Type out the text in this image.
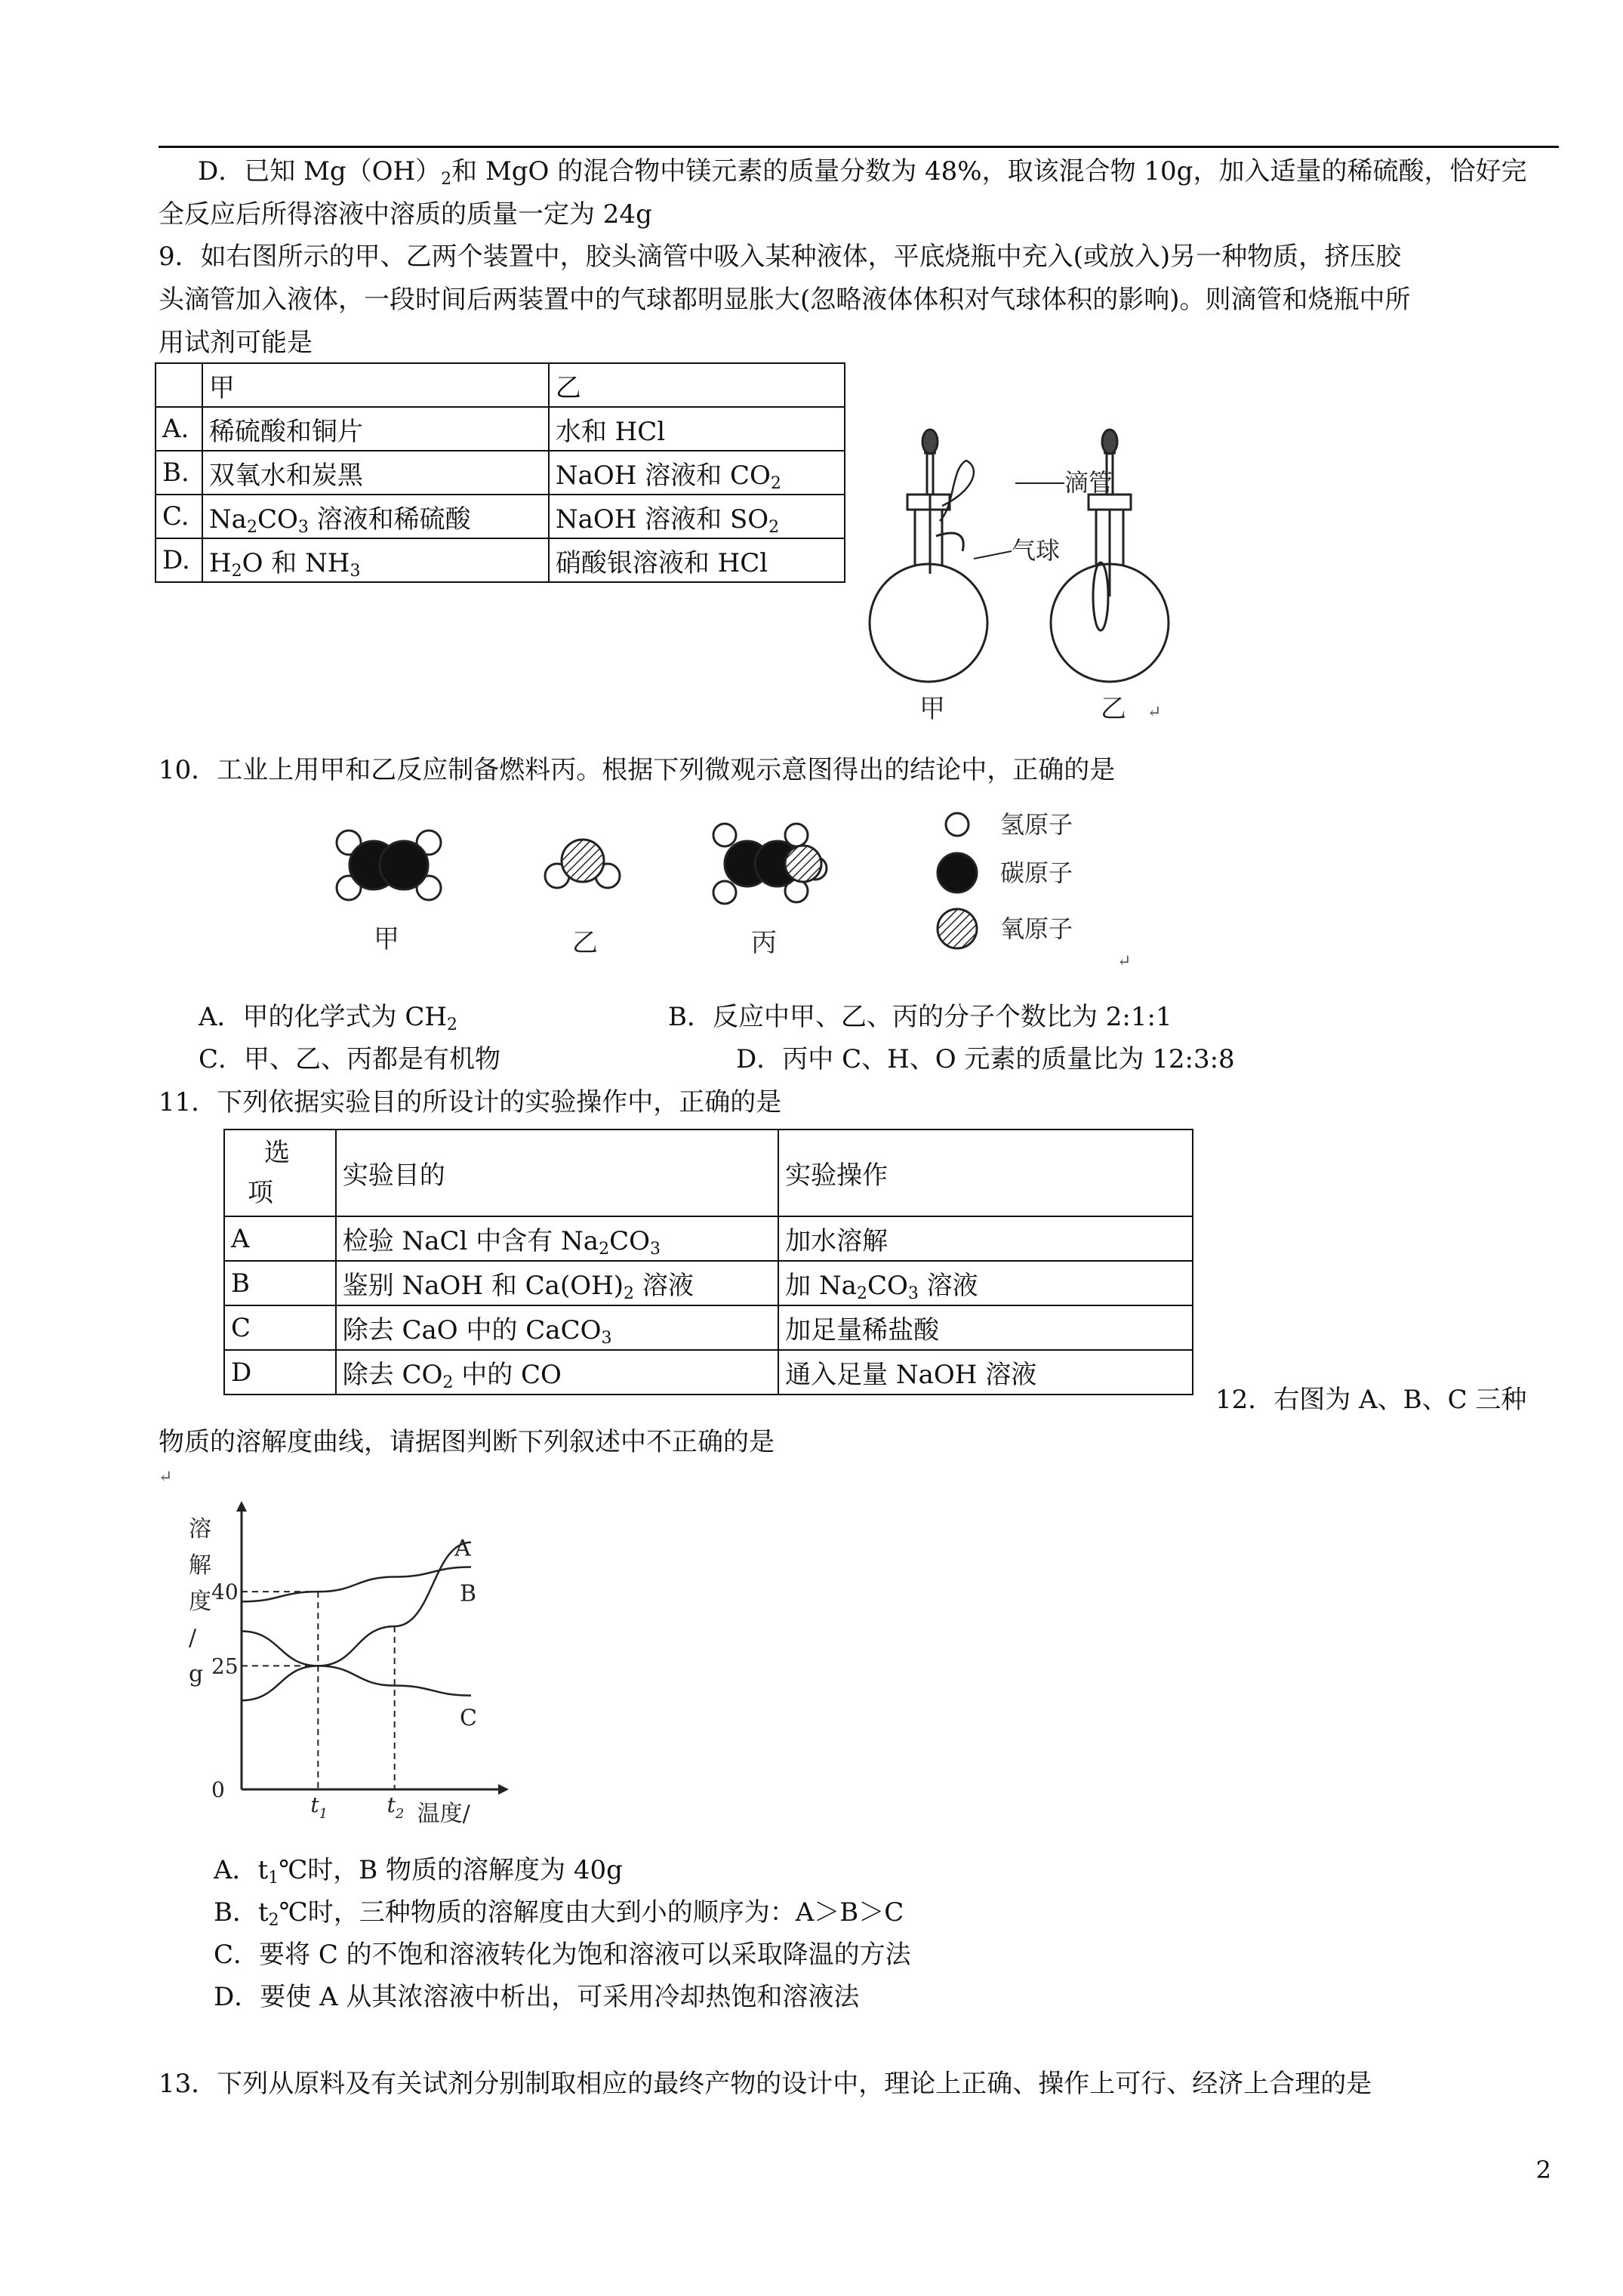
D．已知 $Mg(OH)_2$和 MgO 的混合物中镁元素的质量分数为 48%，取该混合物 10g，加入适量的稀硫酸，恰好完
全反应后所得溶液中溶质的质量一定为 24g
9．如右图所示的甲、乙两个装置中，胶头滴管中吸入某种液体，平底烧瓶中充入(或放入)另一种物质，挤压胶
头滴管加入液体，一段时间后两装置中的气球都明显胀大(忽略液体体积对气球体积的影响)。则滴管和烧瓶中所
用试剂可能是
	甲	乙
A.	稀硫酸和铜片	水和 HCl
B.	双氧水和炭黑	NaOH 溶液和 $CO_2$
C.	$Na_2CO_3$ 溶液和稀硫酸	NaOH 溶液和 $SO_2$
D.	$H_2O$ 和 $NH_3$	硝酸银溶液和 HCl
滴管
气球
甲	乙 ↵
10．工业上用甲和乙反应制备燃料丙。根据下列微观示意图得出的结论中，正确的是
甲	乙	丙
氢原子
碳原子
氧原子
↵
A．甲的化学式为 $CH_2$	B．反应中甲、乙、丙的分子个数比为 2:1:1
C．甲、乙、丙都是有机物	D．丙中 C、H、O 元素的质量比为 12:3:8
11．下列依据实验目的所设计的实验操作中，正确的是
选
项	实验目的	实验操作
A	检验 NaCl 中含有 $Na_2CO_3$	加水溶解
B	鉴别 NaOH 和 $Ca(OH)_2$ 溶液	加 $Na_2CO_3$ 溶液
C	除去 CaO 中的 CaCO$_3$	加足量稀盐酸
D	除去 $CO_2$ 中的 CO	通入足量 NaOH 溶液
12．右图为 A、B、C 三种
物质的溶解度曲线，请据图判断下列叙述中不正确的是
↵
溶
解
度
/
g
0
25
40
A
B
C
$t_1$	$t_2$ 温度/
A．$t_1℃$时，B 物质的溶解度为 40g
B．$t_2℃$时，三种物质的溶解度由大到小的顺序为：A＞B＞C
C．要将 C 的不饱和溶液转化为饱和溶液可以采取降温的方法
D．要使 A 从其浓溶液中析出，可采用冷却热饱和溶液法
13．下列从原料及有关试剂分别制取相应的最终产物的设计中，理论上正确、操作上可行、经济上合理的是
2
